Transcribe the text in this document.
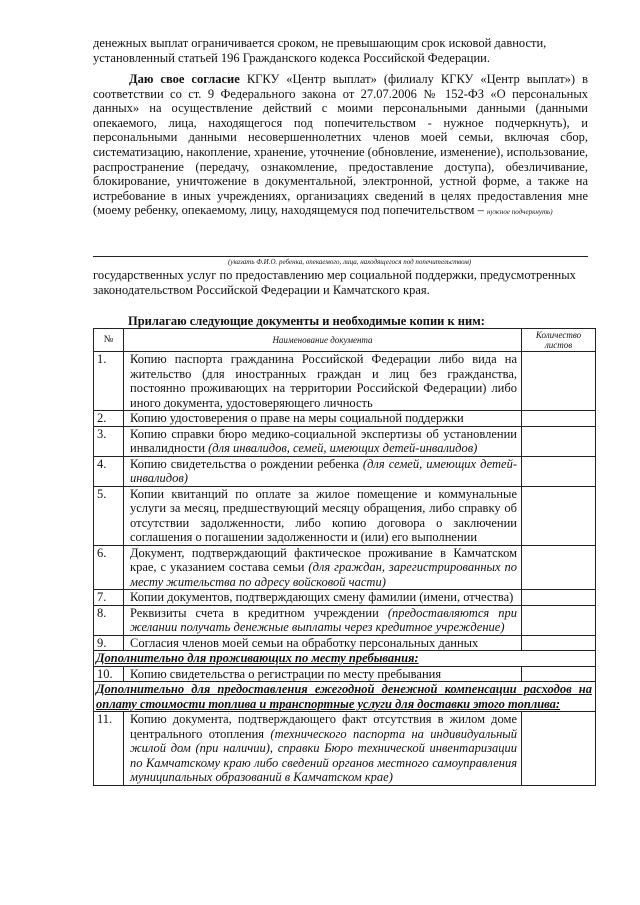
денежных выплат ограничивается сроком, не превышающим срок исковой давности,
установленный статьей 196 Гражданского кодекса Российской Федерации.

Даю свое согласие КГКУ «Центр выплат» (филиалу КГКУ «Центр выплат») в соответствии со ст. 9 Федерального закона от 27.07.2006 № 152-ФЗ «О персональных данных» на осуществление действий с моими персональными данными (данными опекаемого, лица, находящегося под попечительством - нужное подчеркнуть), и персональными данными несовершеннолетних членов моей семьи, включая сбор, систематизацию, накопление, хранение, уточнение (обновление, изменение), использование, распространение (передачу, ознакомление, предоставление доступа), обезличивание, блокирование, уничтожение в документальной, электронной, устной форме, а также на истребование в иных учреждениях, организациях сведений в целях предоставления мне (моему ребенку, опекаемому, лицу, находящемуся под попечительством – нужное подчеркнуть)

(указать Ф.И.О. ребенка, опекаемого, лица, находящегося под попечительством)

государственных услуг по предоставлению мер социальной поддержки, предусмотренных
законодательством Российской Федерации и Камчатского края.

Прилагаю следующие документы и необходимые копии к ним:
№	Наименование документа	Количество листов
1.	Копию паспорта гражданина Российской Федерации либо вида на жительство (для иностранных граждан и лиц без гражданства, постоянно проживающих на территории Российской Федерации) либо иного документа, удостоверяющего личность	
2.	Копию удостоверения о праве на меры социальной поддержки	
3.	Копию справки бюро медико-социальной экспертизы об установлении инвалидности (для инвалидов, семей, имеющих детей-инвалидов)	
4.	Копию свидетельства о рождении ребенка (для семей, имеющих детей-инвалидов)	
5.	Копии квитанций по оплате за жилое помещение и коммунальные услуги за месяц, предшествующий месяцу обращения, либо справку об отсутствии задолженности, либо копию договора о заключении соглашения о погашении задолженности и (или) его выполнении	
6.	Документ, подтверждающий фактическое проживание в Камчатском крае, с указанием состава семьи (для граждан, зарегистрированных по месту жительства по адресу войсковой части)	
7.	Копии документов, подтверждающих смену фамилии (имени, отчества)	
8.	Реквизиты счета в кредитном учреждении (предоставляются при желании получать денежные выплаты через кредитное учреждение)	
9.	Согласия членов моей семьи на обработку персональных данных	
Дополнительно для проживающих по месту пребывания:		
10.	Копию свидетельства о регистрации по месту пребывания	
Дополнительно для предоставления ежегодной денежной компенсации расходов на оплату стоимости топлива и транспортные услуги для доставки этого топлива:		
11.	Копию документа, подтверждающего факт отсутствия в жилом доме центрального отопления (технического паспорта на индивидуальный жилой дом (при наличии), справки Бюро технической инвентаризации по Камчатскому краю либо сведений органов местного самоуправления муниципальных образований в Камчатском крае)	
